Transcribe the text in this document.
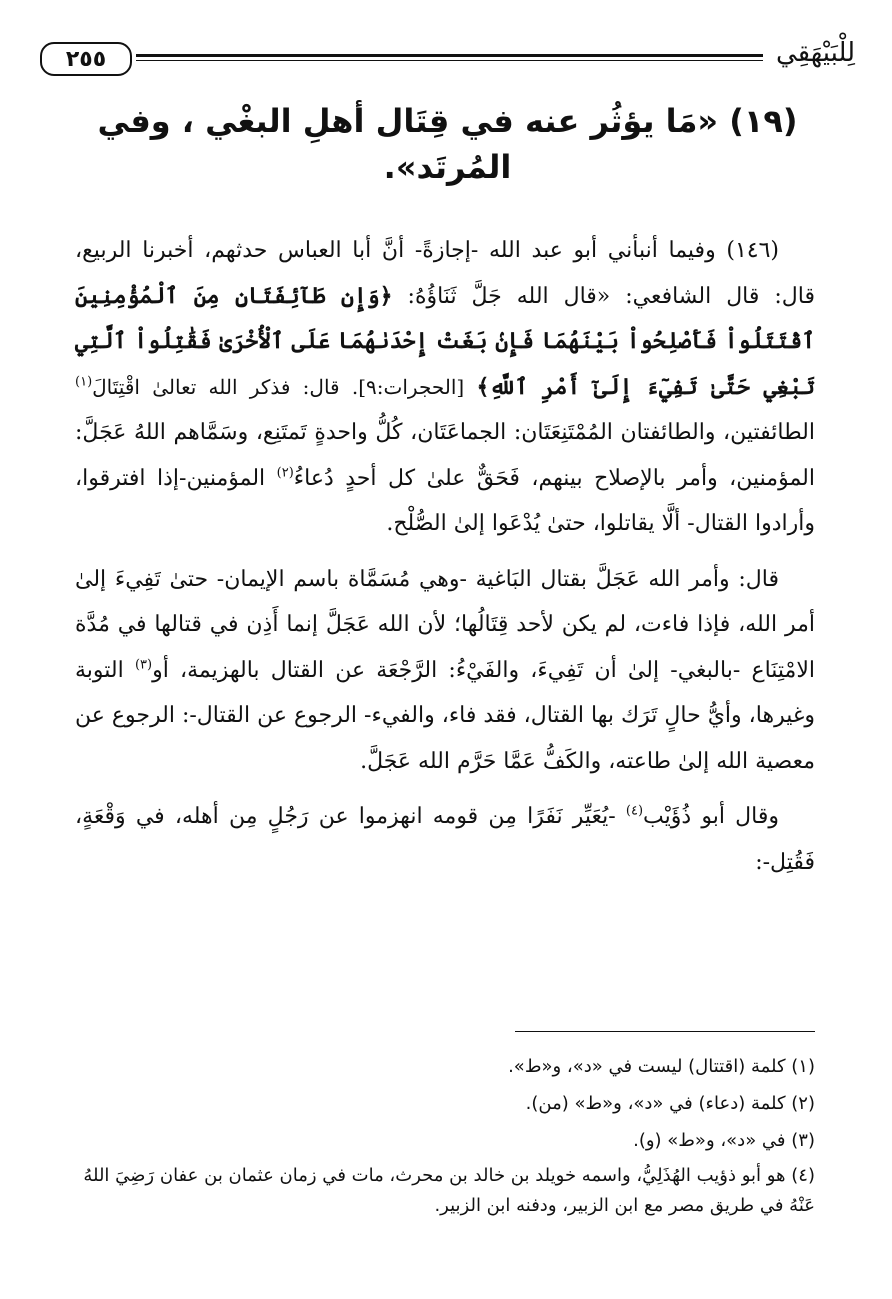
٢٥٥	لِلْبَيْهَقِي
(١٩) «مَا يؤثُر عنه في قِتَال أهلِ البغْي ، وفي المُرتَد».

(١٤٦) وفيما أنبأني أبو عبد الله -إجازةً- أنَّ أبا العباس حدثهم، أخبرنا الربيع، قال: قال الشافعي: «قال الله جَلَّ ثَنَاؤُهُ: ﴿وَإِن طَآئِفَتَانِ مِنَ ٱلْمُؤْمِنِينَ ٱقْتَتَلُواْ فَأَصْلِحُواْ بَيْنَهُمَا فَإِنۢ بَغَتْ إِحْدَىٰهُمَا عَلَى ٱلْأُخْرَىٰ فَقَٰتِلُواْ ٱلَّتِي تَبْغِي حَتَّىٰ تَفِيٓءَ إِلَىٰٓ أَمْرِ ٱللَّهِ﴾ [الحجرات:٩]. قال: فذكر الله تعالىٰ اقْتِتَالَ$^{(١)}$ الطائفتين، والطائفتان المُمْتَنِعَتَان: الجماعَتَان، كُلُّ واحدةٍ تَمتَنِع، وسَمَّاهم اللهُ عَجَلَّ: المؤمنين، وأمر بالإصلاح بينهم، فَحَقٌّ علىٰ كل أحدٍ دُعاءُ$^{(٢)}$ المؤمنين-إذا افترقوا، وأرادوا القتال- ألَّا يقاتلوا، حتىٰ يُدْعَوا إلىٰ الصُّلْح.

قال: وأمر الله عَجَلَّ بقتال البَاغية -وهي مُسَمَّاة باسم الإيمان- حتىٰ تَفِيءَ إلىٰ أمر الله، فإذا فاءت، لم يكن لأحد قِتَالُها؛ لأن الله عَجَلَّ إنما أَذِن في قتالها في مُدَّة الامْتِنَاع -بالبغي- إلىٰ أن تَفِيءَ، والفَيْءُ: الرَّجْعَة عن القتال بالهزيمة، أو$^{(٣)}$ التوبة وغيرها، وأيُّ حالٍ تَرَك بها القتال، فقد فاء، والفيء- الرجوع عن القتال-: الرجوع عن معصية الله إلىٰ طاعته، والكَفُّ عَمَّا حَرَّم الله عَجَلَّ.

وقال أبو ذُؤَيْب$^{(٤)}$ -يُعَيِّر نَفَرًا مِن قومه انهزموا عن رَجُلٍ مِن أهله، في وَقْعَةٍ، فَقُتِل-:

(١) كلمة (اقتتال) ليست في «د»، و«ط».
(٢) كلمة (دعاء) في «د»، و«ط» (من).
(٣) في «د»، و«ط» (و).
(٤) هو أبو ذؤيب الهُذَلِيُّ، واسمه خويلد بن خالد بن محرث، مات في زمان عثمان بن عفان رَضِيَ اللهُ عَنْهُ في طريق مصر مع ابن الزبير، ودفنه ابن الزبير.
